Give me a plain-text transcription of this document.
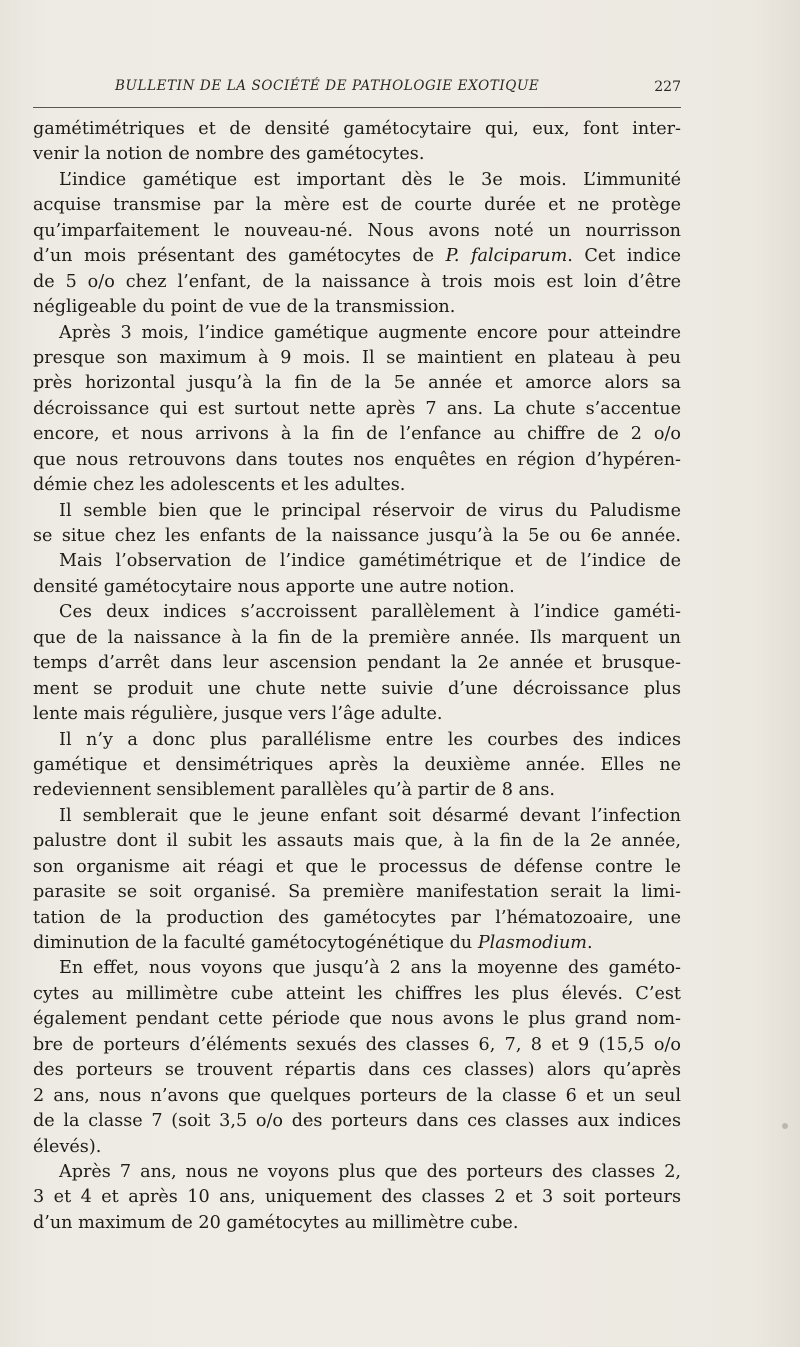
BULLETIN DE LA SOCIÉTÉ DE PATHOLOGIE EXOTIQUE	227
gamétimétriques et de densité gamétocytaire qui, eux, font inter-
venir la notion de nombre des gamétocytes.
L’indice gamétique est important dès le 3e mois. L’immunité
acquise transmise par la mère est de courte durée et ne protège
qu’imparfaitement le nouveau-né. Nous avons noté un nourrisson
d’un mois présentant des gamétocytes de P. falciparum. Cet indice
de 5 o/o chez l’enfant, de la naissance à trois mois est loin d’être
négligeable du point de vue de la transmission.
Après 3 mois, l’indice gamétique augmente encore pour atteindre
presque son maximum à 9 mois. Il se maintient en plateau à peu
près horizontal jusqu’à la fin de la 5e année et amorce alors sa
décroissance qui est surtout nette après 7 ans. La chute s’accentue
encore, et nous arrivons à la fin de l’enfance au chiffre de 2 o/o
que nous retrouvons dans toutes nos enquêtes en région d’hypéren-
démie chez les adolescents et les adultes.
Il semble bien que le principal réservoir de virus du Paludisme
se situe chez les enfants de la naissance jusqu’à la 5e ou 6e année.
Mais l’observation de l’indice gamétimétrique et de l’indice de
densité gamétocytaire nous apporte une autre notion.
Ces deux indices s’accroissent parallèlement à l’indice gaméti-
que de la naissance à la fin de la première année. Ils marquent un
temps d’arrêt dans leur ascension pendant la 2e année et brusque-
ment se produit une chute nette suivie d’une décroissance plus
lente mais régulière, jusque vers l’âge adulte.
Il n’y a donc plus parallélisme entre les courbes des indices
gamétique et densimétriques après la deuxième année. Elles ne
redeviennent sensiblement parallèles qu’à partir de 8 ans.
Il semblerait que le jeune enfant soit désarmé devant l’infection
palustre dont il subit les assauts mais que, à la fin de la 2e année,
son organisme ait réagi et que le processus de défense contre le
parasite se soit organisé. Sa première manifestation serait la limi-
tation de la production des gamétocytes par l’hématozoaire, une
diminution de la faculté gamétocytogénétique du Plasmodium.
En effet, nous voyons que jusqu’à 2 ans la moyenne des gaméto-
cytes au millimètre cube atteint les chiffres les plus élevés. C’est
également pendant cette période que nous avons le plus grand nom-
bre de porteurs d’éléments sexués des classes 6, 7, 8 et 9 (15,5 o/o
des porteurs se trouvent répartis dans ces classes) alors qu’après
2 ans, nous n’avons que quelques porteurs de la classe 6 et un seul
de la classe 7 (soit 3,5 o/o des porteurs dans ces classes aux indices
élevés).
Après 7 ans, nous ne voyons plus que des porteurs des classes 2,
3 et 4 et après 10 ans, uniquement des classes 2 et 3 soit porteurs
d’un maximum de 20 gamétocytes au millimètre cube.
